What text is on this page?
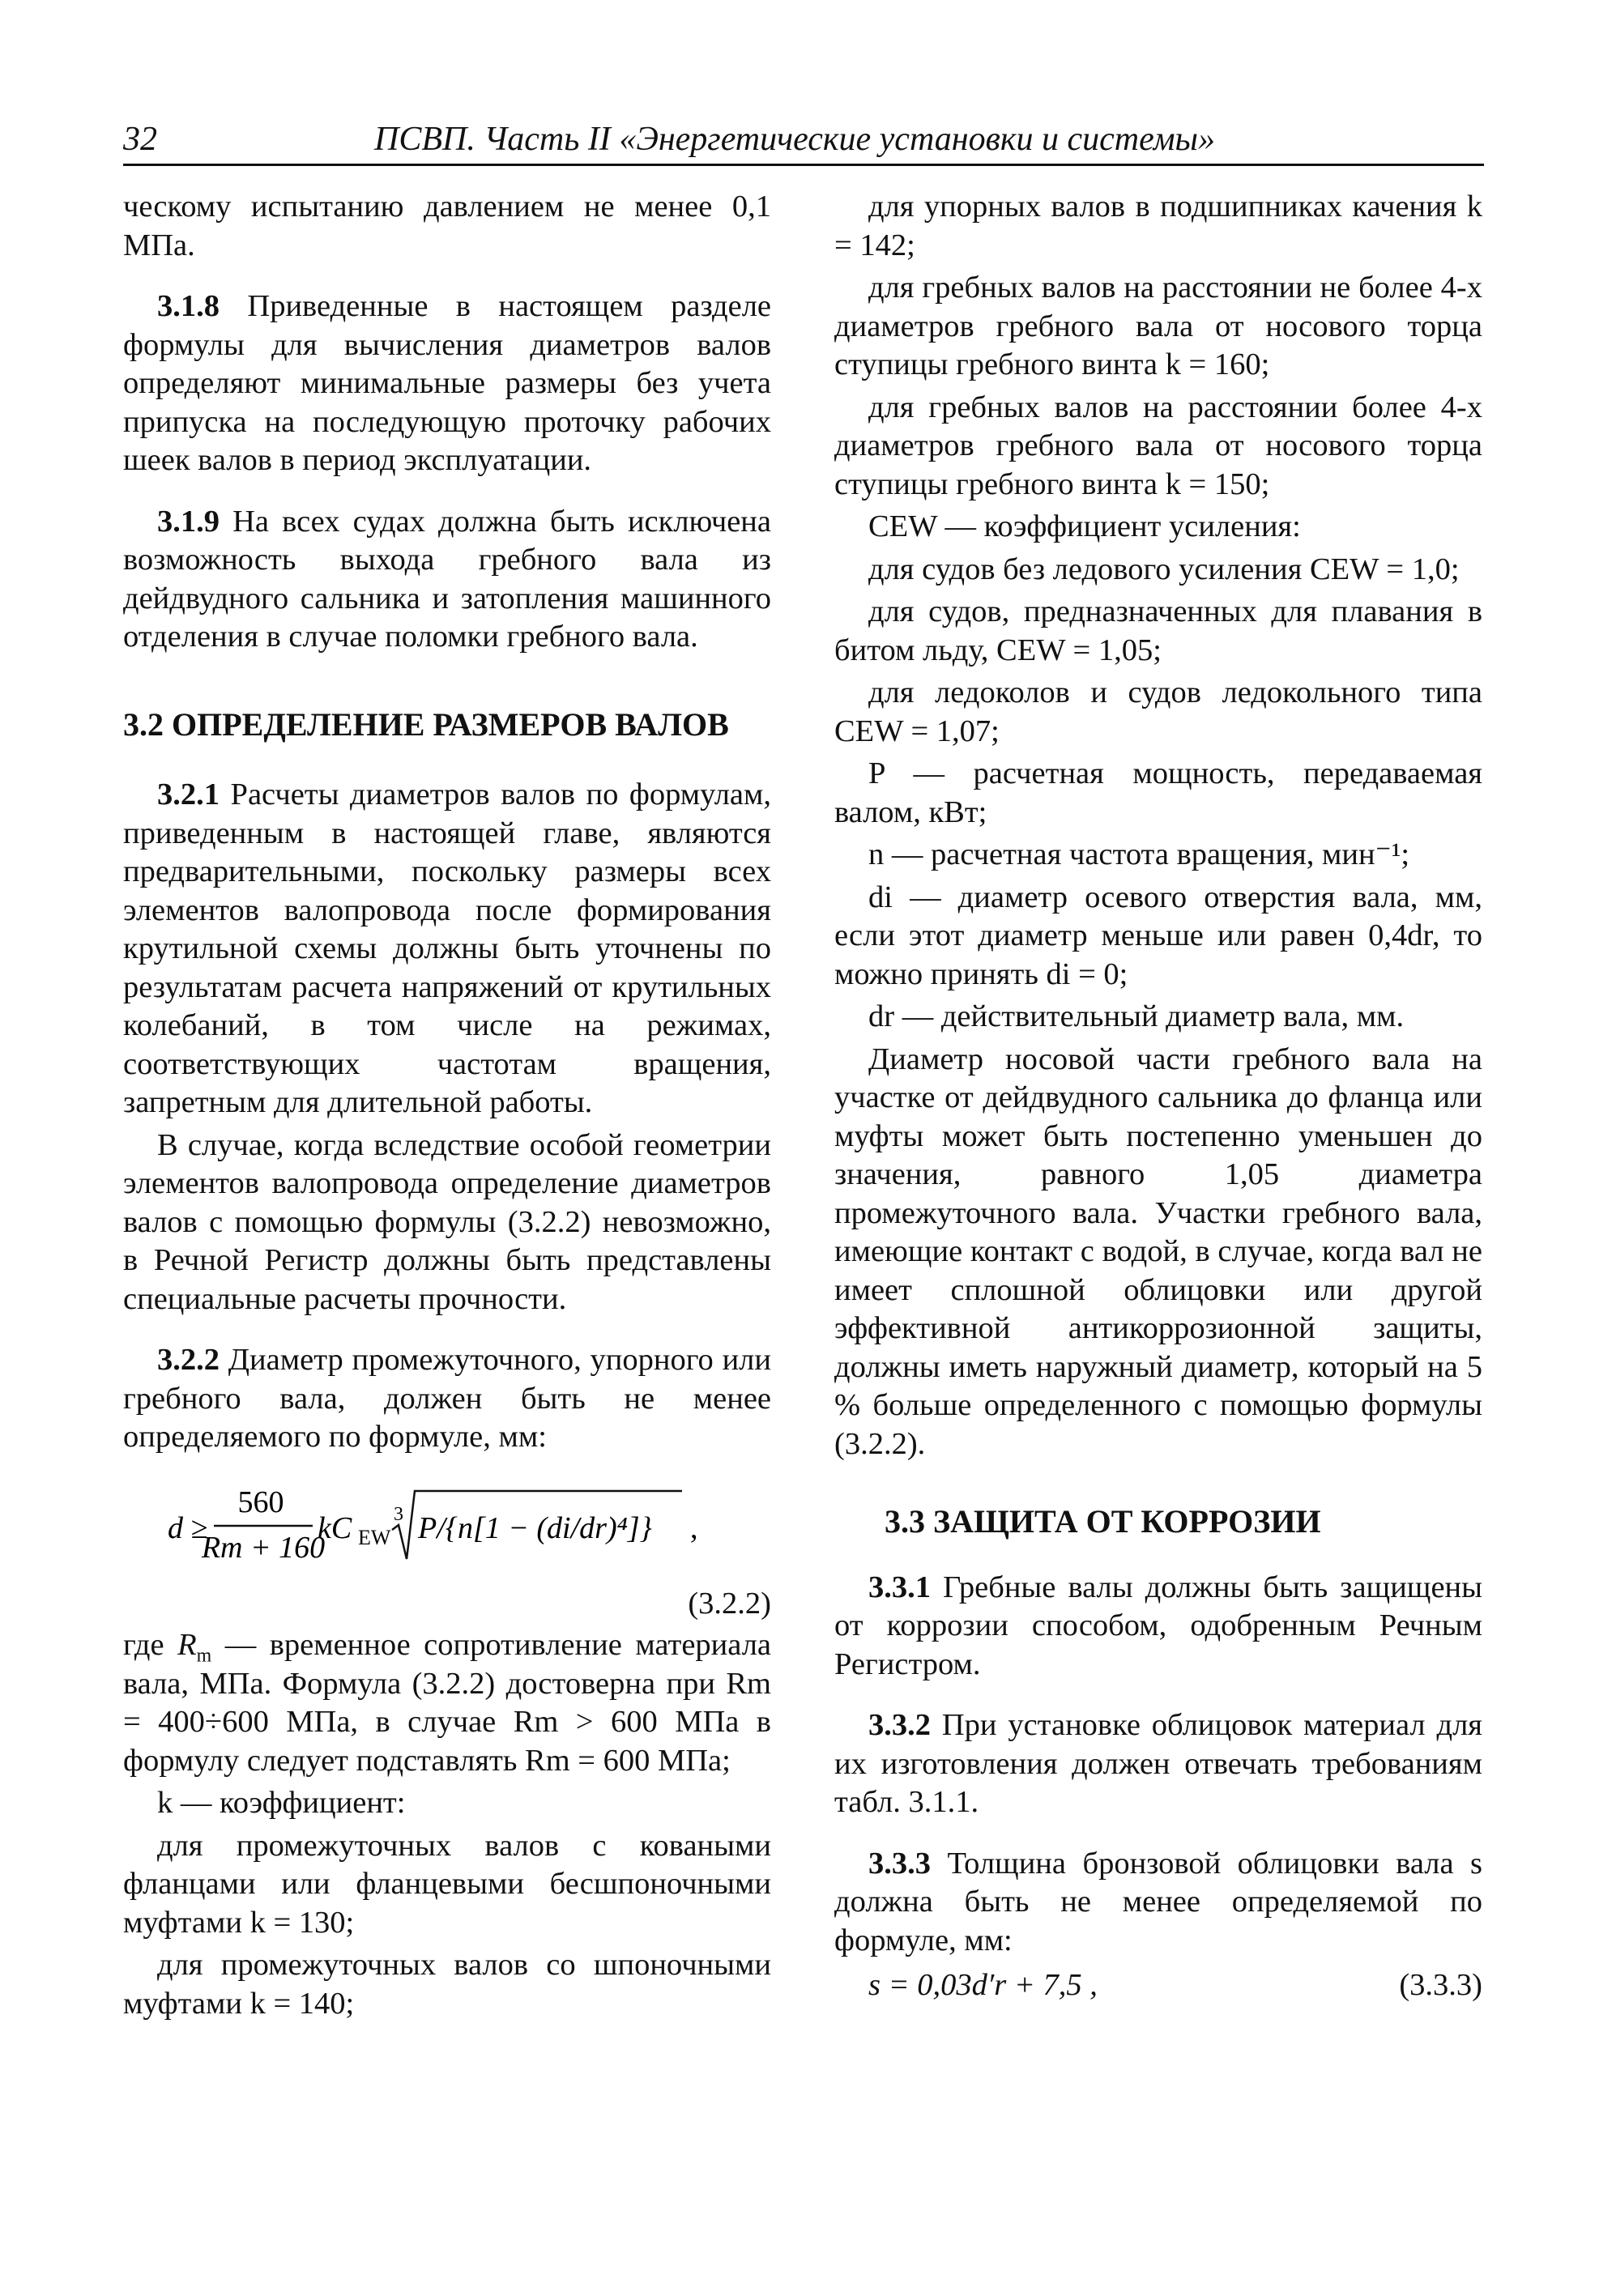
32	ПСВП. Часть II «Энергетические установки и системы»

ческому испытанию давлением не менее 0,1 МПа.

3.1.8 Приведенные в настоящем разделе формулы для вычисления диаметров валов определяют минимальные размеры без учета припуска на последующую проточку рабочих шеек валов в период эксплуатации.

3.1.9 На всех судах должна быть исключена возможность выхода гребного вала из дейдвудного сальника и затопления машинного отделения в случае поломки гребного вала.

3.2 ОПРЕДЕЛЕНИЕ РАЗМЕРОВ ВАЛОВ

3.2.1 Расчеты диаметров валов по формулам, приведенным в настоящей главе, являются предварительными, поскольку размеры всех элементов валопровода после формирования крутильной схемы должны быть уточнены по результатам расчета напряжений от крутильных колебаний, в том числе на режимах, соответствующих частотам вращения, запретным для длительной работы.

В случае, когда вследствие особой геометрии элементов валопровода определение диаметров валов с помощью формулы (3.2.2) невозможно, в Речной Регистр должны быть представлены специальные расчеты прочности.

3.2.2 Диаметр промежуточного, упорного или гребного вала, должен быть не менее определяемого по формуле, мм:

d ≥
560
Rm + 160
kC EW
3 P/{n[1 − (di/dr)⁴]} ,

(3.2.2)

где $R_m$ — временное сопротивление материала вала, МПа. Формула (3.2.2) достоверна при Rm = 400÷600 МПа, в случае Rm > 600 МПа в формулу следует подставлять Rm = 600 МПа;

k — коэффициент:

для промежуточных валов с коваными фланцами или фланцевыми бесшпоночными муфтами k = 130;

для промежуточных валов со шпоночными муфтами k = 140;

для упорных валов в подшипниках качения k = 142;

для гребных валов на расстоянии не более 4-х диаметров гребного вала от носового торца ступицы гребного винта k = 160;

для гребных валов на расстоянии более 4-х диаметров гребного вала от носового торца ступицы гребного винта k = 150;

CEW — коэффициент усиления:

для судов без ледового усиления CEW = 1,0;

для судов, предназначенных для плавания в битом льду, CEW = 1,05;

для ледоколов и судов ледокольного типа CEW = 1,07;

P — расчетная мощность, передаваемая валом, кВт;

n — расчетная частота вращения, мин⁻¹;

di — диаметр осевого отверстия вала, мм, если этот диаметр меньше или равен 0,4dr, то можно принять di = 0;

dr — действительный диаметр вала, мм.

Диаметр носовой части гребного вала на участке от дейдвудного сальника до фланца или муфты может быть постепенно уменьшен до значения, равного 1,05 диаметра промежуточного вала. Участки гребного вала, имеющие контакт с водой, в случае, когда вал не имеет сплошной облицовки или другой эффективной антикоррозионной защиты, должны иметь наружный диаметр, который на 5 % больше определенного с помощью формулы (3.2.2).

3.3 ЗАЩИТА ОТ КОРРОЗИИ

3.3.1 Гребные валы должны быть защищены от коррозии способом, одобренным Речным Регистром.

3.3.2 При установке облицовок материал для их изготовления должен отвечать требованиям табл. 3.1.1.

3.3.3 Толщина бронзовой облицовки вала s должна быть не менее определяемой по формуле, мм:

s = 0,03d′r + 7,5 ,	(3.3.3)
